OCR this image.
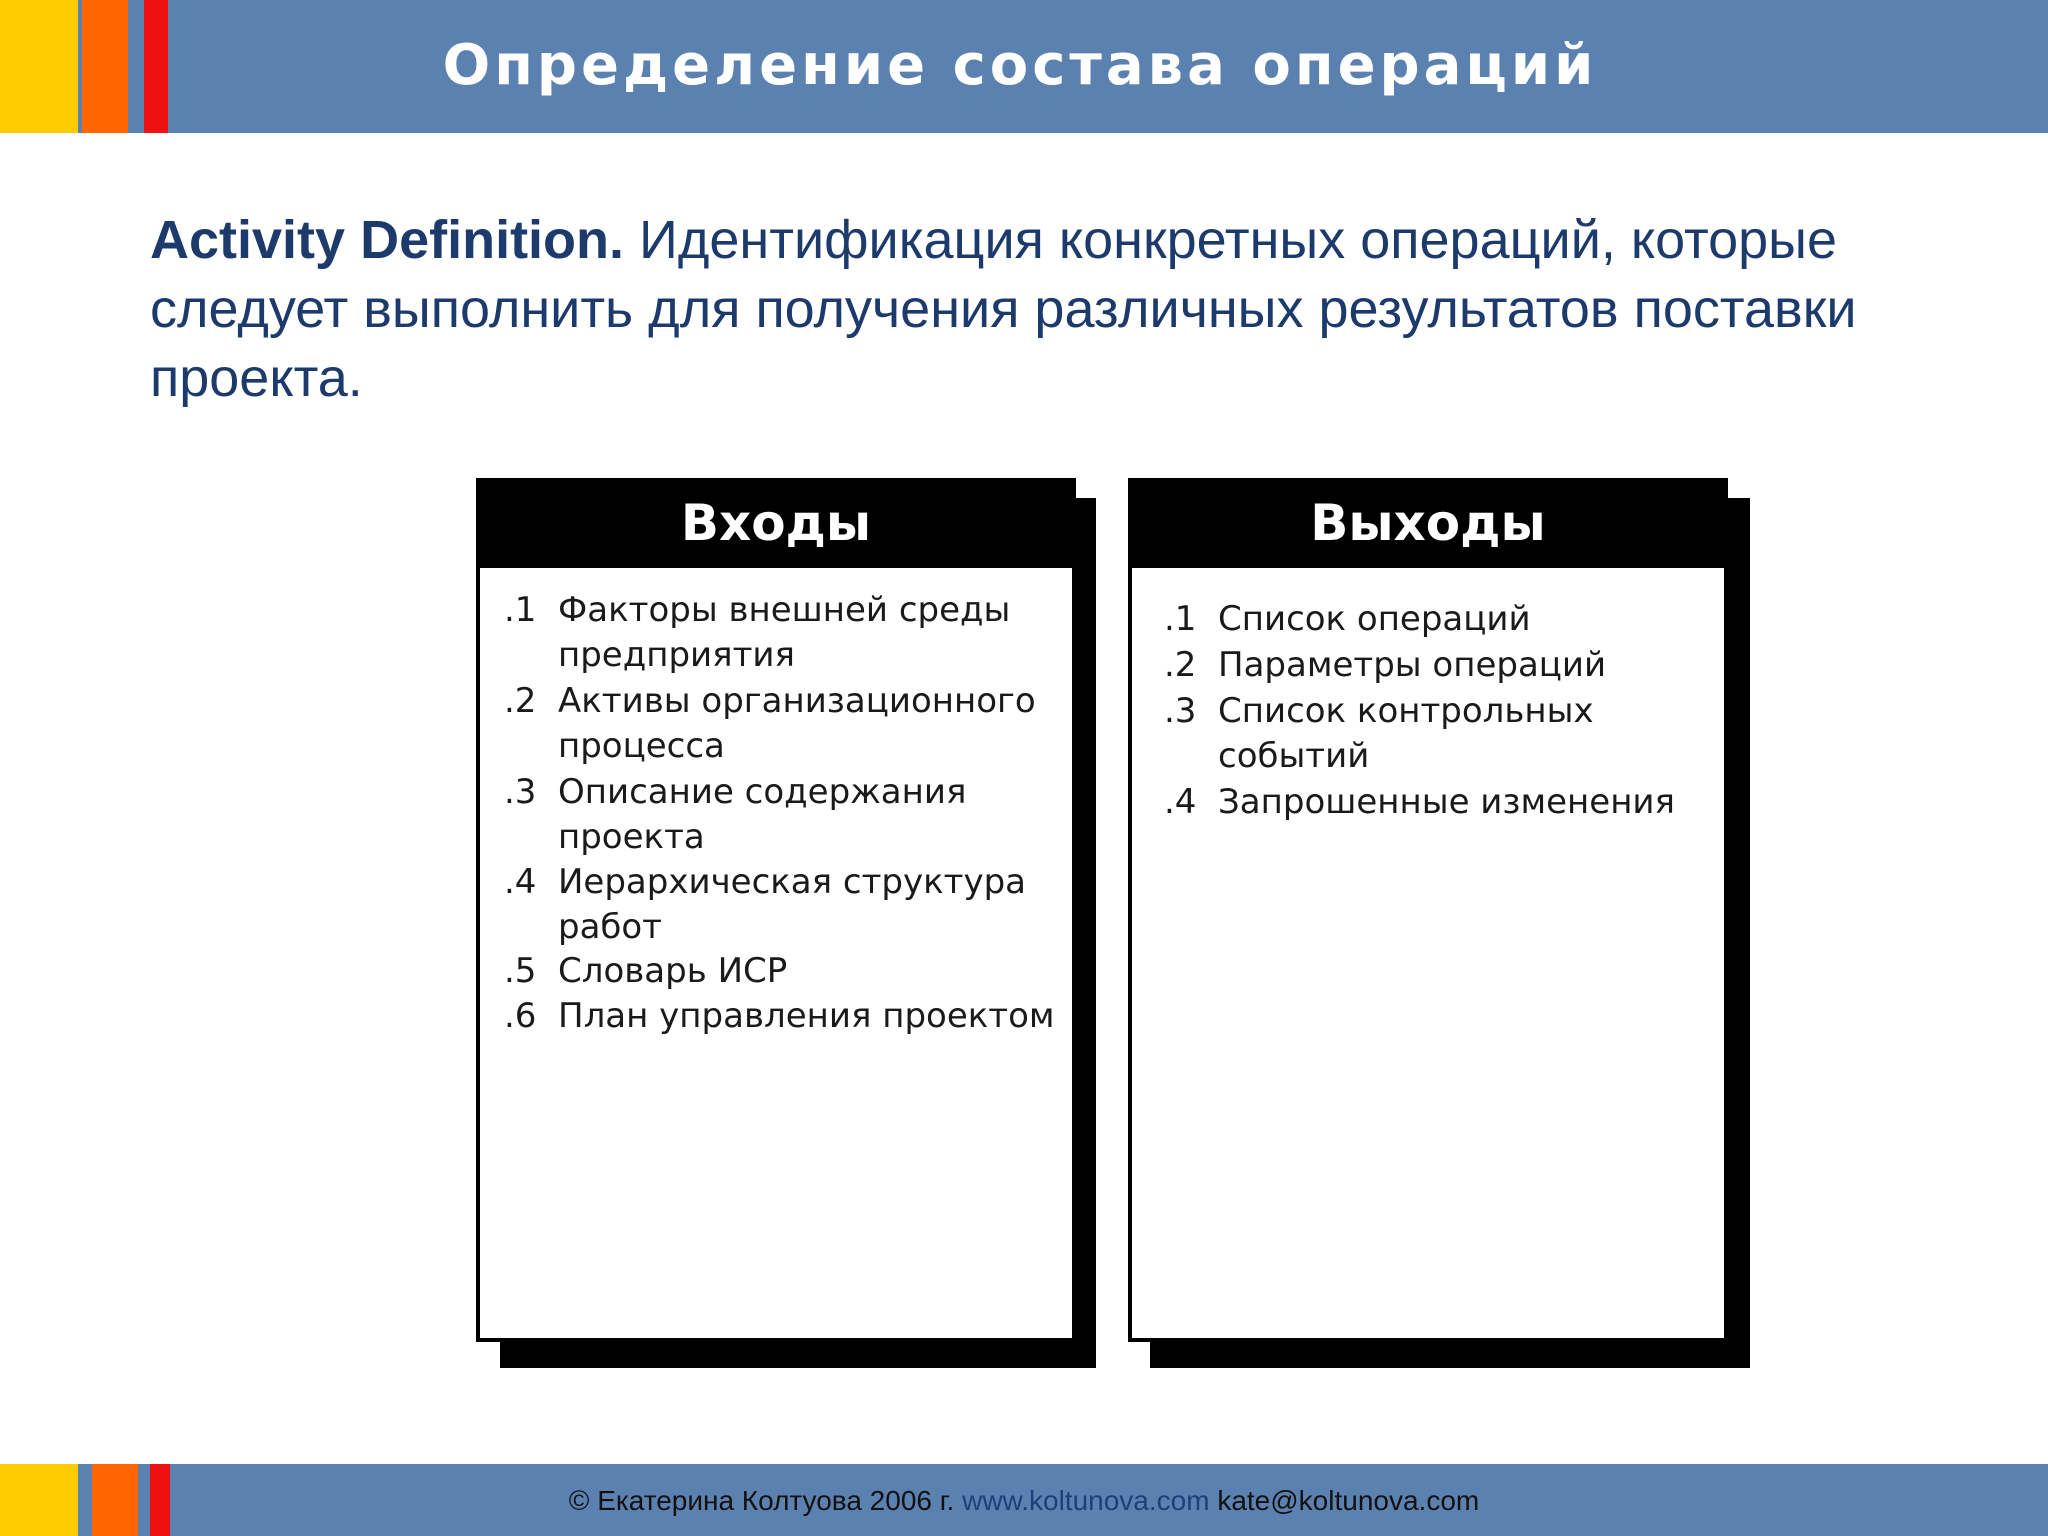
Определение состава операций
Activity Definition. Идентификация конкретных операций, которые следует выполнить для получения различных результатов поставки проекта.
Входы
.1 Факторы внешней среды предприятия
.2 Активы организационного процесса
.3 Описание содержания проекта
.4 Иерархическая структура работ
.5 Словарь ИСР
.6 План управления проектом
Выходы
.1 Список операций
.2 Параметры операций
.3 Список контрольных событий
.4 Запрошенные изменения
© Екатерина Колтуова 2006 г. www.koltunova.com kate@koltunova.com
